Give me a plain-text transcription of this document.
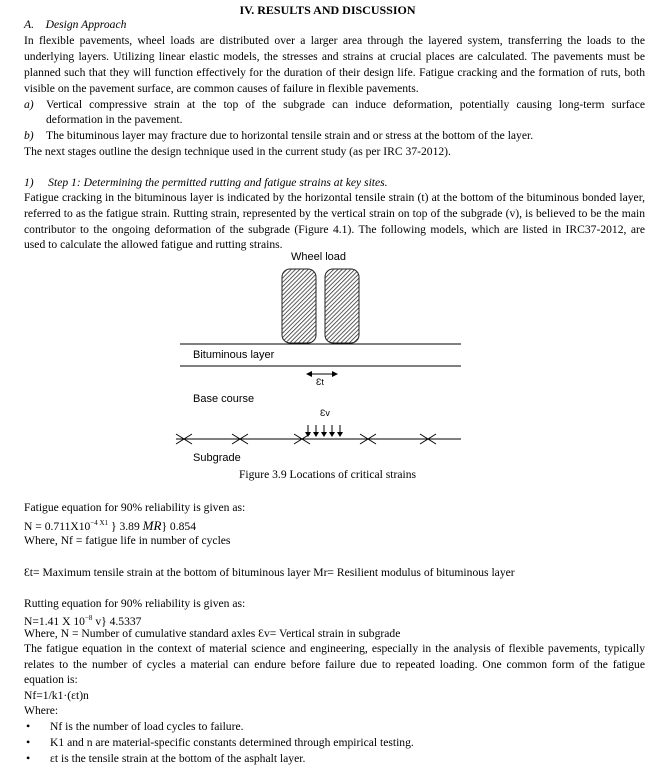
IV. RESULTS AND DISCUSSION
A. Design Approach
In flexible pavements, wheel loads are distributed over a larger area through the layered system, transferring the loads to the
underlying layers. Utilizing linear elastic models, the stresses and strains at crucial places are calculated. The pavements must be
planned such that they will function effectively for the duration of their design life. Fatigue cracking and the formation of ruts, both
visible on the pavement surface, are common causes of failure in flexible pavements.
a)	Vertical compressive strain at the top of the subgrade can induce deformation, potentially causing long-term surface
deformation in the pavement.
b)	The bituminous layer may fracture due to horizontal tensile strain and or stress at the bottom of the layer.
The next stages outline the design technique used in the current study (as per IRC 37-2012).
1) Step 1: Determining the permitted rutting and fatigue strains at key sites.
Fatigue cracking in the bituminous layer is indicated by the horizontal tensile strain (t) at the bottom of the bituminous bonded layer,
referred to as the fatigue strain. Rutting strain, represented by the vertical strain on top of the subgrade (v), is believed to be the main
contributor to the ongoing deformation of the subgrade (Figure 4.1). The following models, which are listed in IRC37-2012, are
used to calculate the allowed fatigue and rutting strains.
Wheel load
Bituminous layer
Base course
Subgrade
Ɛt
Ɛv
Figure 3.9 Locations of critical strains
Fatigue equation for 90% reliability is given as:
$N = 0.711X10^{-4 X1}$ } 3.89 MR} 0.854
Where, Nf = fatigue life in number of cycles
Ɛt= Maximum tensile strain at the bottom of bituminous layer Mr= Resilient modulus of bituminous layer
Rutting equation for 90% reliability is given as:
N=1.41 X $10^{-8}$ v} 4.5337
Where, N = Number of cumulative standard axles Ɛv= Vertical strain in subgrade
The fatigue equation in the context of material science and engineering, especially in the analysis of flexible pavements, typically
relates to the number of cycles a material can endure before failure due to repeated loading. One common form of the fatigue
equation is:
Nf=1/k1·(ɛt)n
Where:
• Nf is the number of load cycles to failure.
• K1 and n are material-specific constants determined through empirical testing.
• ɛt is the tensile strain at the bottom of the asphalt layer.
